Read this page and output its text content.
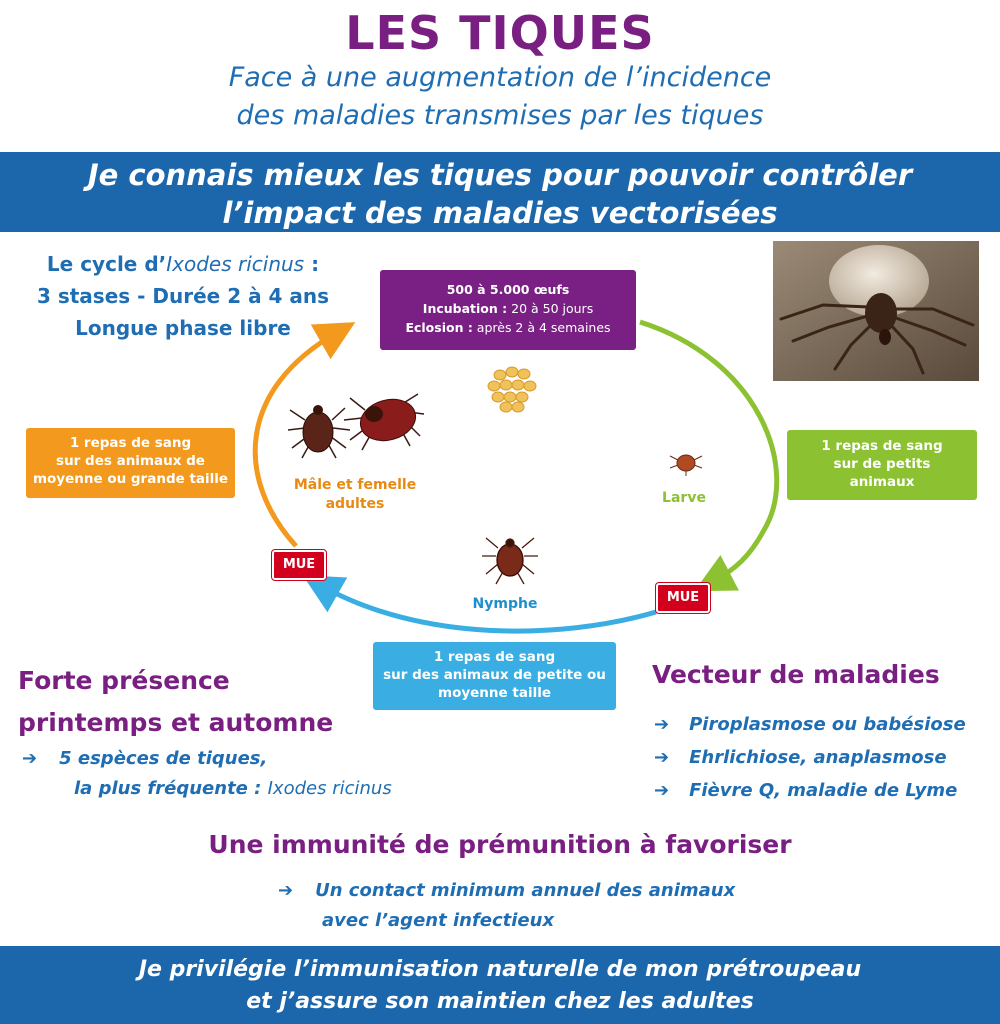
LES TIQUES
Face à une augmentation de l’incidence
des maladies transmises par les tiques
Je connais mieux les tiques pour pouvoir contrôler
l’impact des maladies vectorisées
Le cycle d’Ixodes ricinus :
3 stases - Durée 2 à 4 ans
Longue phase libre
500 à 5.000 œufs
Incubation : 20 à 50 jours
Eclosion : après 2 à 4 semaines
1 repas de sang
sur des animaux de
moyenne ou grande taille
1 repas de sang
sur de petits
animaux
1 repas de sang
sur des animaux de petite ou
moyenne taille
MUE
MUE
Mâle et femelle
adultes	Larve
Nymphe
Forte présence
printemps et automne
➔ 5 espèces de tiques,
la plus fréquente : Ixodes ricinus
Vecteur de maladies
➔ Piroplasmose ou babésiose
➔ Ehrlichiose, anaplasmose
➔ Fièvre Q, maladie de Lyme
Une immunité de prémunition à favoriser
➔ Un contact minimum annuel des animaux
avec l’agent infectieux
Je privilégie l’immunisation naturelle de mon prétroupeau
et j’assure son maintien chez les adultes
